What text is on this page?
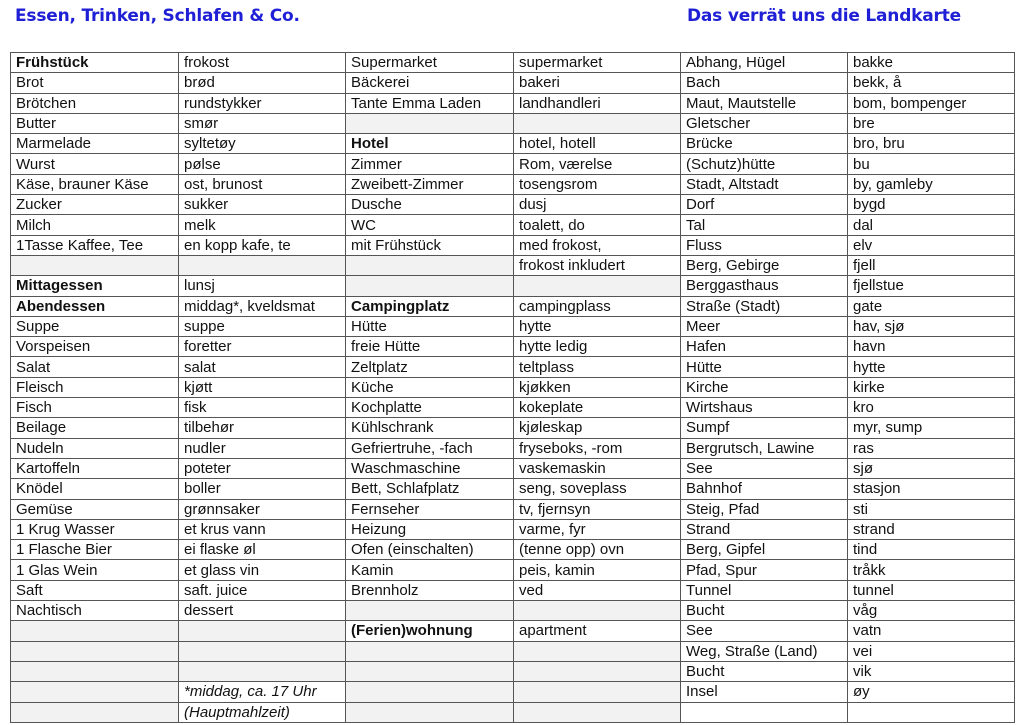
Essen, Trinken, Schlafen & Co.	Das verrät uns die Landkarte
Frühstück	frokost	Supermarket	supermarket	Abhang, Hügel	bakke
Brot	brød	Bäckerei	bakeri	Bach	bekk, å
Brötchen	rundstykker	Tante Emma Laden	landhandleri	Maut, Mautstelle	bom, bompenger
Butter	smør			Gletscher	bre
Marmelade	syltetøy	Hotel	hotel, hotell	Brücke	bro, bru
Wurst	pølse	Zimmer	Rom, værelse	(Schutz)hütte	bu
Käse, brauner Käse	ost, brunost	Zweibett-Zimmer	tosengsrom	Stadt, Altstadt	by, gamleby
Zucker	sukker	Dusche	dusj	Dorf	bygd
Milch	melk	WC	toalett, do	Tal	dal
1Tasse Kaffee, Tee	en kopp kafe, te	mit Frühstück	med frokost,	Fluss	elv
			frokost inkludert	Berg, Gebirge	fjell
Mittagessen	lunsj			Berggasthaus	fjellstue
Abendessen	middag*, kveldsmat	Campingplatz	campingplass	Straße (Stadt)	gate
Suppe	suppe	Hütte	hytte	Meer	hav, sjø
Vorspeisen	foretter	freie Hütte	hytte ledig	Hafen	havn
Salat	salat	Zeltplatz	teltplass	Hütte	hytte
Fleisch	kjøtt	Küche	kjøkken	Kirche	kirke
Fisch	fisk	Kochplatte	kokeplate	Wirtshaus	kro
Beilage	tilbehør	Kühlschrank	kjøleskap	Sumpf	myr, sump
Nudeln	nudler	Gefriertruhe, -fach	fryseboks, -rom	Bergrutsch, Lawine	ras
Kartoffeln	poteter	Waschmaschine	vaskemaskin	See	sjø
Knödel	boller	Bett, Schlafplatz	seng, soveplass	Bahnhof	stasjon
Gemüse	grønnsaker	Fernseher	tv, fjernsyn	Steig, Pfad	sti
1 Krug Wasser	et krus vann	Heizung	varme, fyr	Strand	strand
1 Flasche Bier	ei flaske øl	Ofen (einschalten)	(tenne opp) ovn	Berg, Gipfel	tind
1 Glas Wein	et glass vin	Kamin	peis, kamin	Pfad, Spur	tråkk
Saft	saft. juice	Brennholz	ved	Tunnel	tunnel
Nachtisch	dessert			Bucht	våg
		(Ferien)wohnung	apartment	See	vatn
				Weg, Straße (Land)	vei
				Bucht	vik
	*middag, ca. 17 Uhr			Insel	øy
	(Hauptmahlzeit)				
